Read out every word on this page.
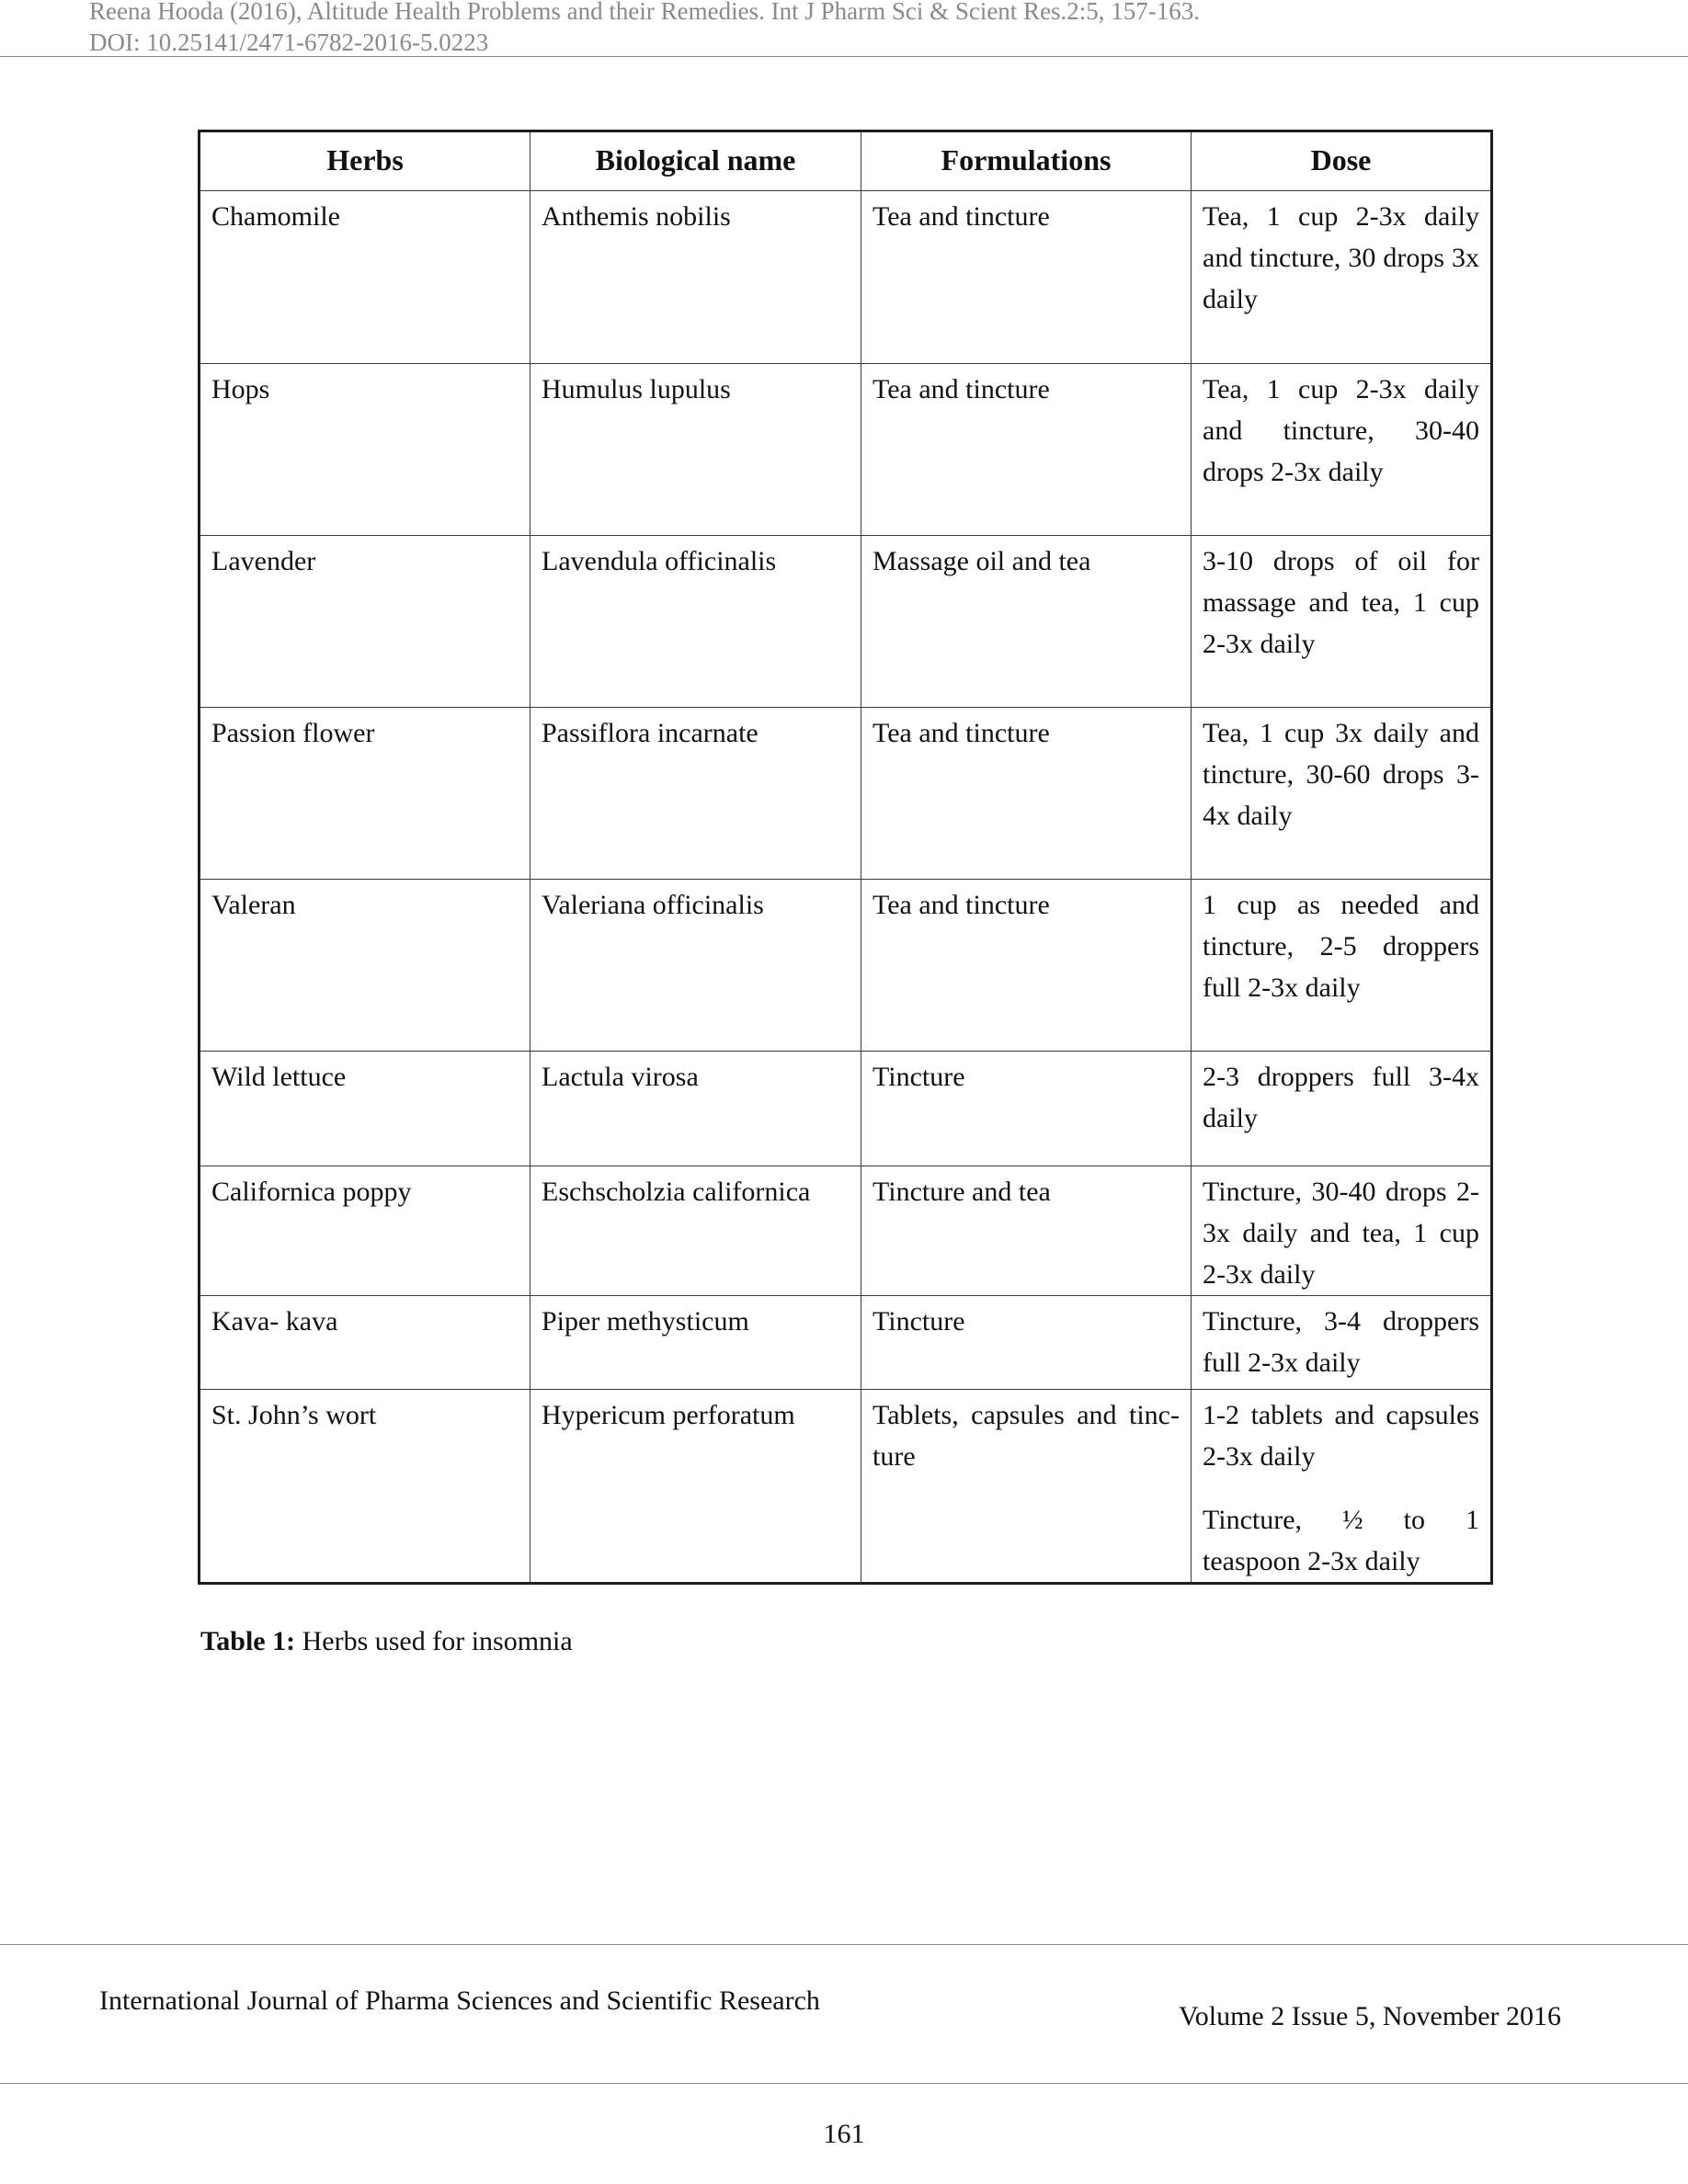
Reena Hooda (2016), Altitude Health Problems and their Remedies. Int J Pharm Sci & Scient Res.2:5, 157-163.
DOI: 10.25141/2471-6782-2016-5.0223
Herbs	Biological name	Formulations	Dose
Chamomile	Anthemis nobilis	Tea and tincture	Tea, 1 cup 2-3x daily and tincture, 30 drops 3x daily

Hops	Humulus lupulus	Tea and tincture	Tea, 1 cup 2-3x daily and tincture, 30-40 drops 2-3x daily

Lavender	Lavendula officinalis	Massage oil and tea	3-10 drops of oil for massage and tea, 1 cup 2-3x daily

Passion flower	Passiflora incarnate	Tea and tincture	Tea, 1 cup 3x daily and tincture, 30-60 drops 3-4x daily

Valeran	Valeriana officinalis	Tea and tincture	1 cup as needed and tincture, 2-5 droppers full 2-3x daily

Wild lettuce	Lactula virosa	Tincture	2-3 droppers full 3-4x daily

Californica poppy	Eschscholzia californica	Tincture and tea	Tincture, 30-40 drops 2-3x daily and tea, 1 cup 2-3x daily

Kava- kava	Piper methysticum	Tincture	Tincture, 3-4 droppers full 2-3x daily

St. John’s wort	Hypericum perforatum	Tablets, capsules and tincture	1-2 tablets and capsules 2-3x daily
Tincture, ½ to 1 teaspoon 2-3x daily
Table 1: Herbs used for insomnia
International Journal of Pharma Sciences and Scientific Research
Volume 2 Issue 5, November 2016
161
